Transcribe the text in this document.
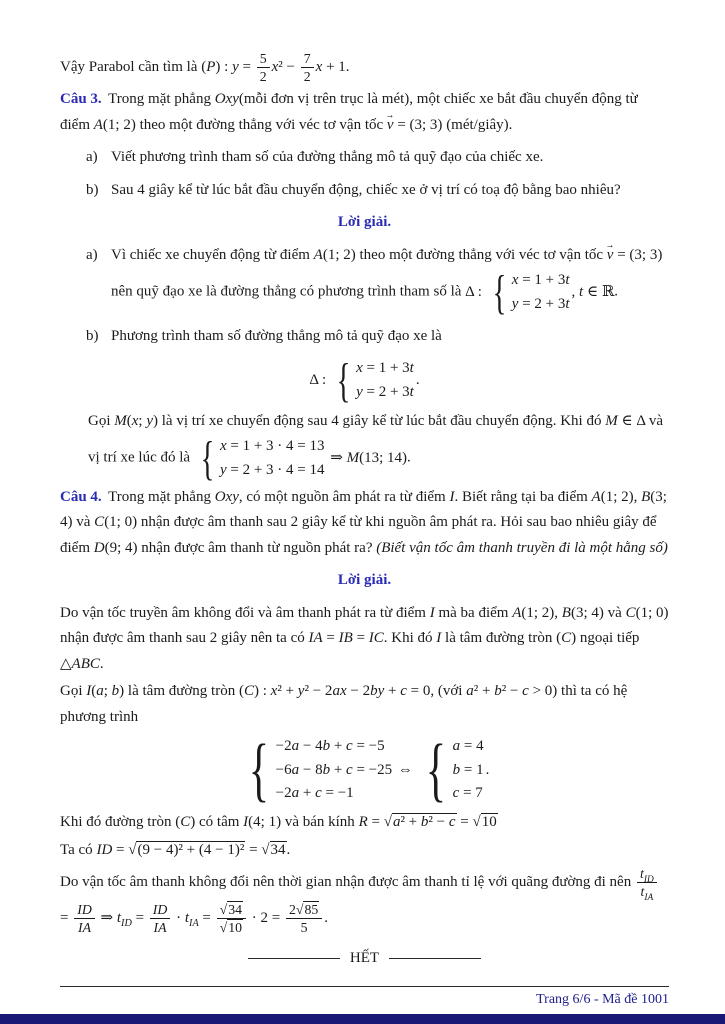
Vậy Parabol cần tìm là (P) : $y = \frac{5}{2} x^2 - \frac{7}{2}$ x + 1.
Câu 3. Trong mặt phẳng Oxy(mỗi đơn vị trên trục là mét), một chiếc xe bắt đầu chuyển động từ điểm A(1; 2) theo một đường thẳng với véc tơ vận tốc
→
v = (3; 3) (mét/giây).
a) Viết phương trình tham số của đường thẳng mô tả quỹ đạo của chiếc xe.
b) Sau 4 giây kể từ lúc bắt đầu chuyển động, chiếc xe ở vị trí có toạ độ bằng bao nhiêu?
Lời giải.
a) Vì chiếc xe chuyển động từ điểm A(1; 2) theo một đường thẳng với véc tơ vận tốc
→
v = (3; 3) nên quỹ đạo xe là đường thẳng có phương trình tham số là Δ : { x = 1 + 3t
y = 2 + 3t
, t ∈ ℝ.
b) Phương trình tham số đường thẳng mô tả quỹ đạo xe là
Δ : { x = 1 + 3t
y = 2 + 3t
.
Gọi M(x; y) là vị trí xe chuyển động sau 4 giây kể từ lúc bắt đầu chuyển động. Khi đó M ∈ Δ và vị trí xe lúc đó là { x = 1 + 3 · 4 = 13
y = 2 + 3 · 4 = 14
⇒ M(13; 14).
Câu 4. Trong mặt phẳng Oxy, có một nguồn âm phát ra từ điểm I. Biết rằng tại ba điểm A(1; 2), B(3; 4) và C(1; 0) nhận được âm thanh sau 2 giây kể từ khi nguồn âm phát ra. Hỏi sau bao nhiêu giây để điểm D(9; 4) nhận được âm thanh từ nguồn phát ra? (Biết vận tốc âm thanh truyền đi là một hằng số)
Lời giải.
Do vận tốc truyền âm không đổi và âm thanh phát ra từ điểm I mà ba điểm A(1; 2), B(3; 4) và C(1; 0) nhận được âm thanh sau 2 giây nên ta có IA = IB = IC. Khi đó I là tâm đường tròn (C) ngoại tiếp △ABC.
Gọi I(a; b) là tâm đường tròn (C) : x² + y² − 2ax − 2by + c = 0, (với a² + b² − c > 0) thì ta có hệ phương trình
{ −2a − 4b + c = −5
−6a − 8b + c = −25
−2a + c = −1
⇔ { a = 4
b = 1
c = 7
.
Khi đó đường tròn (C) có tâm I(4; 1) và bán kính R = √a² + b² − c = √10
Ta có ID = √(9 − 4)² + (4 − 1)² = √34.
Do vận tốc âm thanh không đổi nên thời gian nhận được âm thanh tỉ lệ với quãng đường đi nên $\frac{t_{ID}}{t_{IA}}$
= $\frac{ID}{IA}$ ⇒ $t_{ID} = \frac{ID}{IA} \cdot t_{IA} = \frac{√34}{√10} \cdot 2 = \frac{2√85}{5}$ .
HẾT
Trang 6/6 - Mã đề 1001
